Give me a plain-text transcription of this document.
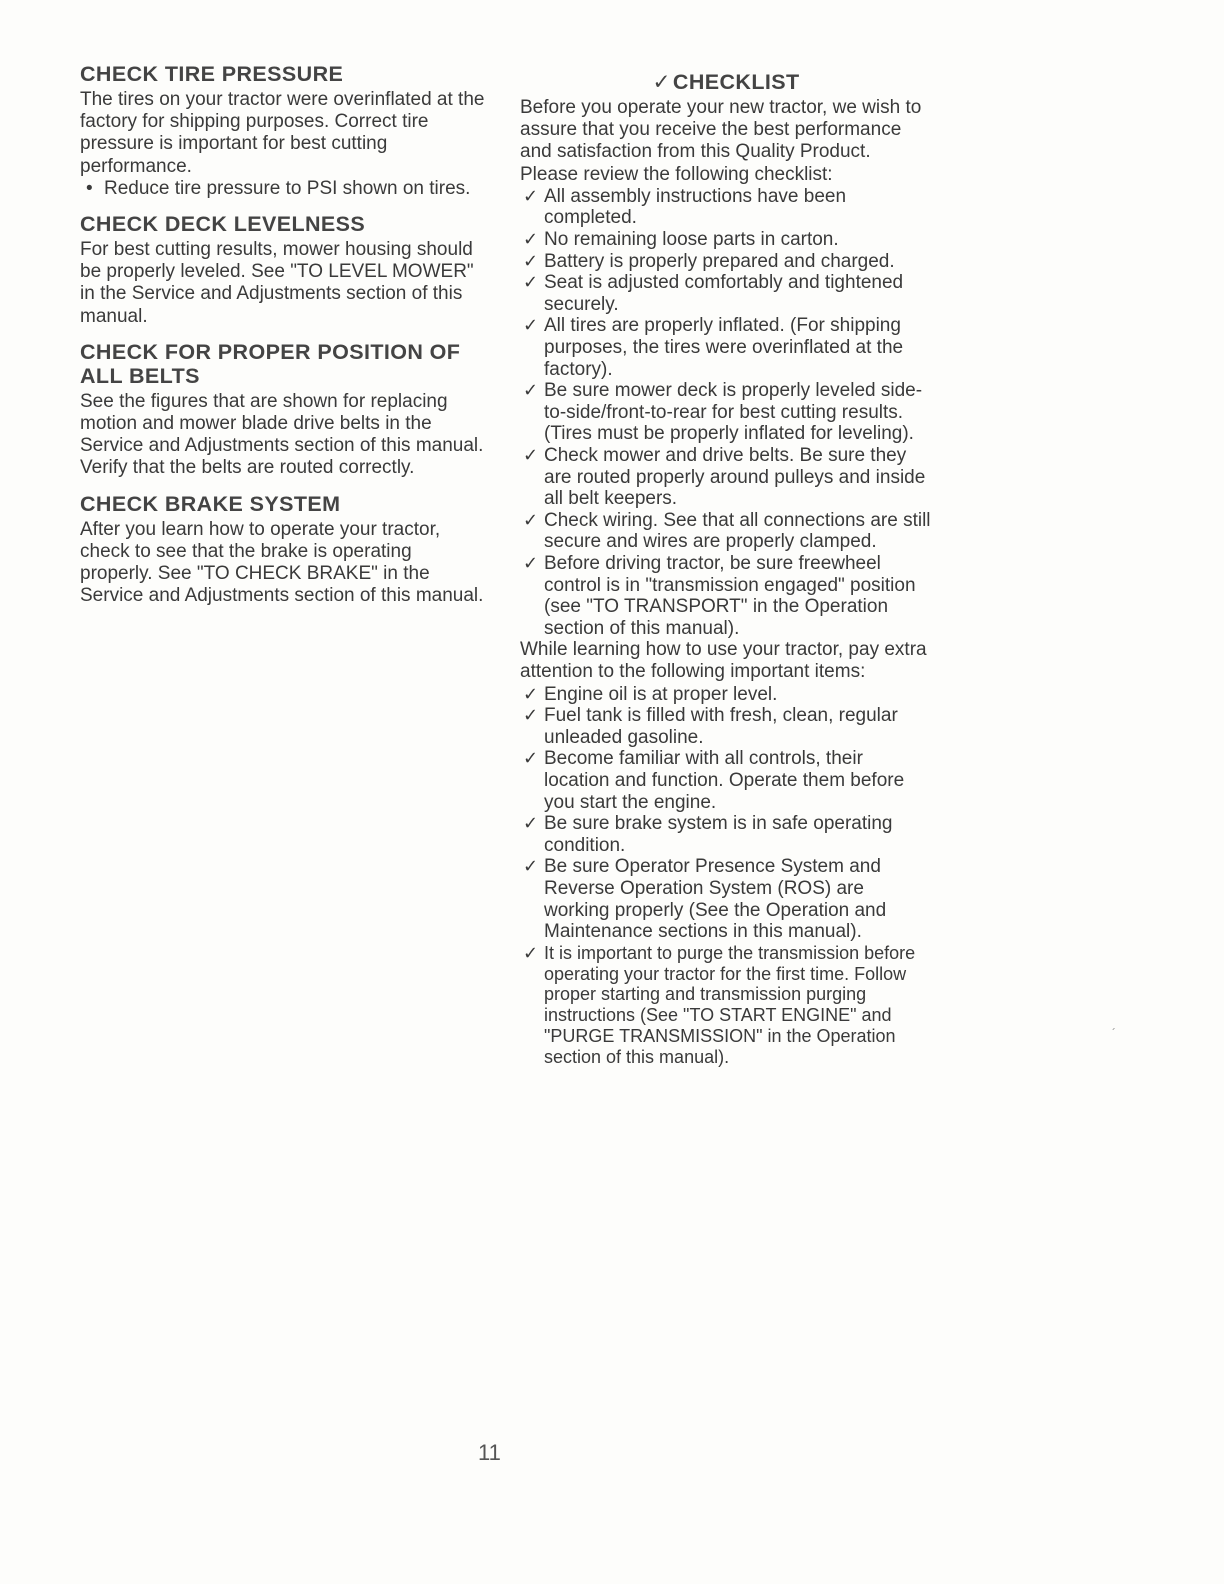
CHECK TIRE PRESSURE

The tires on your tractor were overinflated at the factory for shipping purposes. Correct tire pressure is important for best cutting performance.

• Reduce tire pressure to PSI shown on tires.
CHECK DECK LEVELNESS

For best cutting results, mower housing should be properly leveled. See "TO LEVEL MOWER" in the Service and Adjustments section of this manual.

CHECK FOR PROPER POSITION OF ALL BELTS

See the figures that are shown for replacing motion and mower blade drive belts in the Service and Adjustments section of this manual. Verify that the belts are routed correctly.

CHECK BRAKE SYSTEM

After you learn how to operate your tractor, check to see that the brake is operating properly. See "TO CHECK BRAKE" in the Service and Adjustments section of this manual.

✓CHECKLIST

Before you operate your new tractor, we wish to assure that you receive the best performance and satisfaction from this Quality Product.

Please review the following checklist:

✓ All assembly instructions have been completed.
✓ No remaining loose parts in carton.
✓ Battery is properly prepared and charged.
✓ Seat is adjusted comfortably and tightened securely.
✓ All tires are properly inflated. (For shipping purposes, the tires were overinflated at the factory).
✓ Be sure mower deck is properly leveled side-to-side/front-to-rear for best cutting results. (Tires must be properly inflated for leveling).
✓ Check mower and drive belts. Be sure they are routed properly around pulleys and inside all belt keepers.
✓ Check wiring. See that all connections are still secure and wires are properly clamped.
✓ Before driving tractor, be sure freewheel control is in "transmission engaged" position (see "TO TRANSPORT" in the Operation section of this manual).

While learning how to use your tractor, pay extra attention to the following important items:

✓ Engine oil is at proper level.
✓ Fuel tank is filled with fresh, clean, regular unleaded gasoline.
✓ Become familiar with all controls, their location and function. Operate them before you start the engine.
✓ Be sure brake system is in safe operating condition.
✓ Be sure Operator Presence System and Reverse Operation System (ROS) are working properly (See the Operation and Maintenance sections in this manual).
✓ It is important to purge the transmission before operating your tractor for the first time. Follow proper starting and transmission purging instructions (See "TO START ENGINE" and "PURGE TRANSMISSION" in the Operation section of this manual).
´
11
